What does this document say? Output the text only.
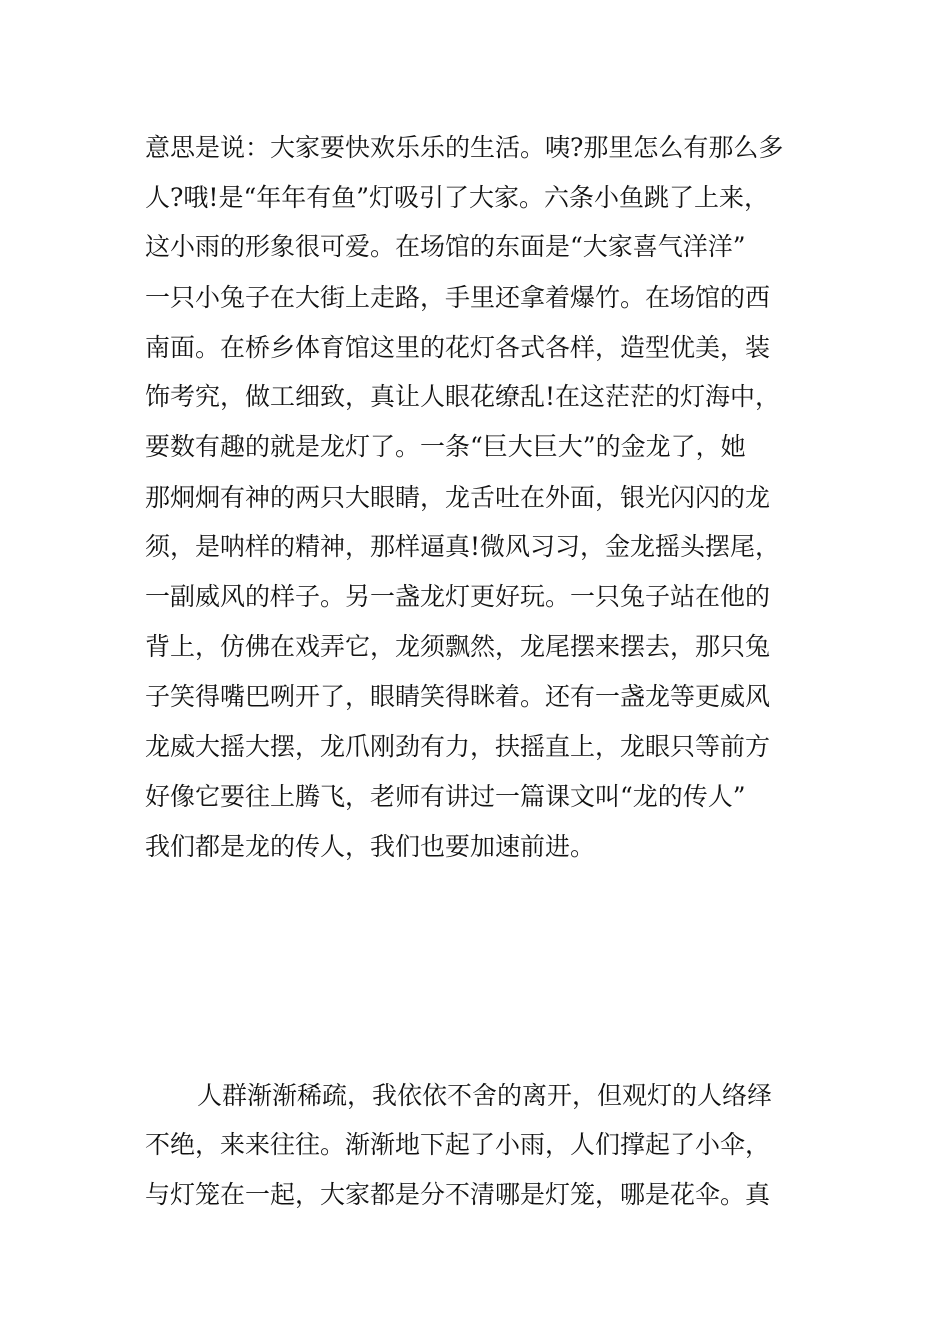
意思是说：大家要快欢乐乐的生活。咦?那里怎么有那么多
人?哦!是“年年有鱼”灯吸引了大家。六条小鱼跳了上来，
这小雨的形象很可爱。在场馆的东面是“大家喜气洋洋”
一只小兔子在大街上走路，手里还拿着爆竹。在场馆的西
南面。在桥乡体育馆这里的花灯各式各样，造型优美，装
饰考究，做工细致，真让人眼花缭乱!在这茫茫的灯海中，
要数有趣的就是龙灯了。一条“巨大巨大”的金龙了，她
那炯炯有神的两只大眼睛，龙舌吐在外面，银光闪闪的龙
须，是呐样的精神，那样逼真!微风习习，金龙摇头摆尾，
一副威风的样子。另一盏龙灯更好玩。一只兔子站在他的
背上，仿佛在戏弄它，龙须飘然，龙尾摆来摆去，那只兔
子笑得嘴巴咧开了，眼睛笑得眯着。还有一盏龙等更威风
龙威大摇大摆，龙爪刚劲有力，扶摇直上，龙眼只等前方
好像它要往上腾飞，老师有讲过一篇课文叫“龙的传人”
我们都是龙的传人，我们也要加速前进。
人群渐渐稀疏，我依依不舍的离开，但观灯的人络绎
不绝，来来往往。渐渐地下起了小雨，人们撑起了小伞，
与灯笼在一起，大家都是分不清哪是灯笼，哪是花伞。真
